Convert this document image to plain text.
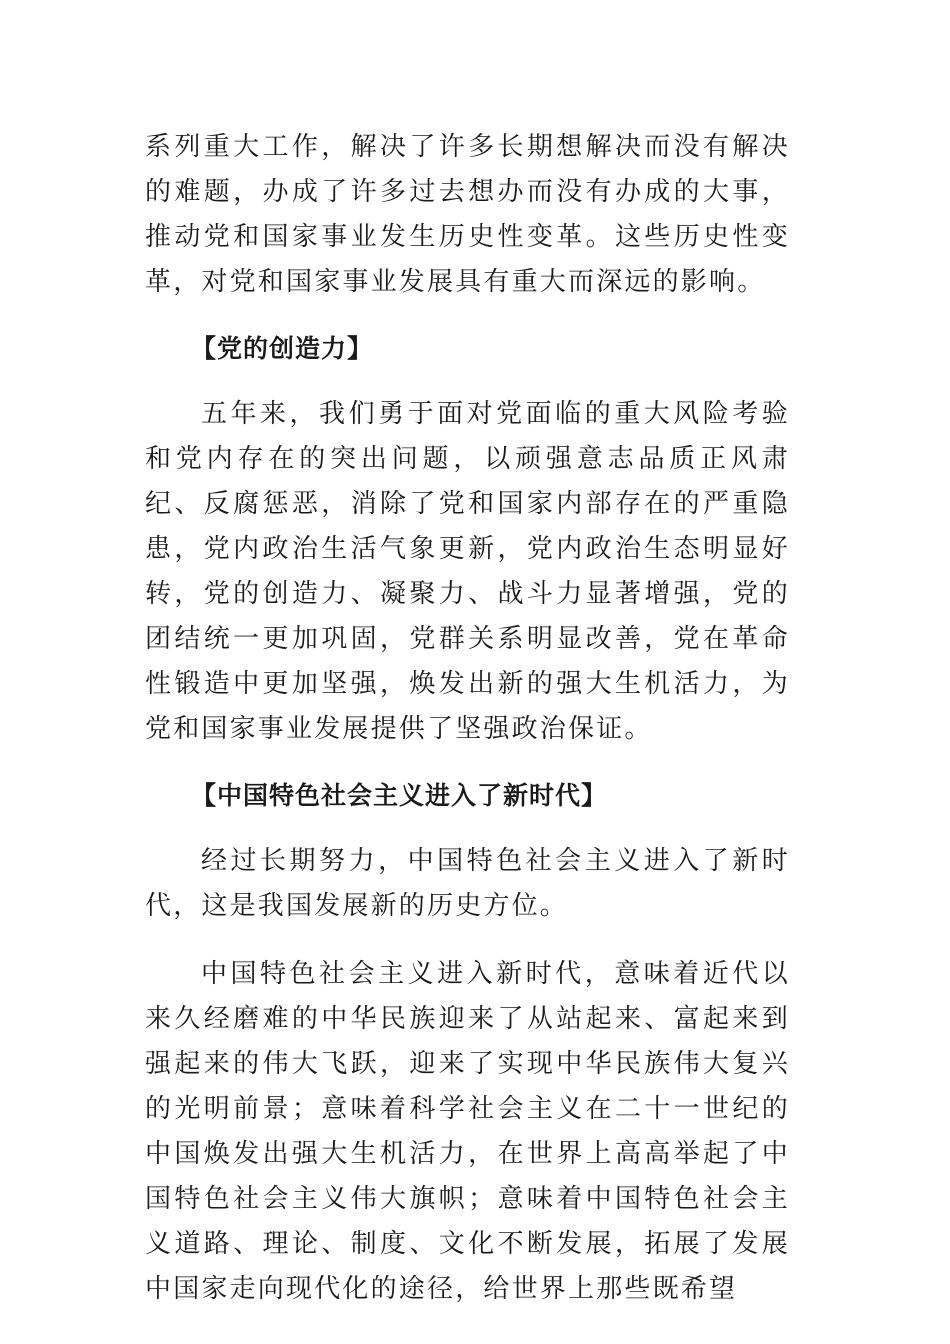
系列重大工作，解决了许多长期想解决而没有解决的难题，办成了许多过去想办而没有办成的大事，推动党和国家事业发生历史性变革。这些历史性变革，对党和国家事业发展具有重大而深远的影响。

【党的创造力】

五年来，我们勇于面对党面临的重大风险考验和党内存在的突出问题，以顽强意志品质正风肃纪、反腐惩恶，消除了党和国家内部存在的严重隐患，党内政治生活气象更新，党内政治生态明显好转，党的创造力、凝聚力、战斗力显著增强，党的团结统一更加巩固，党群关系明显改善，党在革命性锻造中更加坚强，焕发出新的强大生机活力，为党和国家事业发展提供了坚强政治保证。

【中国特色社会主义进入了新时代】

经过长期努力，中国特色社会主义进入了新时代，这是我国发展新的历史方位。

中国特色社会主义进入新时代，意味着近代以来久经磨难的中华民族迎来了从站起来、富起来到强起来的伟大飞跃，迎来了实现中华民族伟大复兴的光明前景；意味着科学社会主义在二十一世纪的中国焕发出强大生机活力，在世界上高高举起了中国特色社会主义伟大旗帜；意味着中国特色社会主义道路、理论、制度、文化不断发展，拓展了发展中国家走向现代化的途径，给世界上那些既希望
